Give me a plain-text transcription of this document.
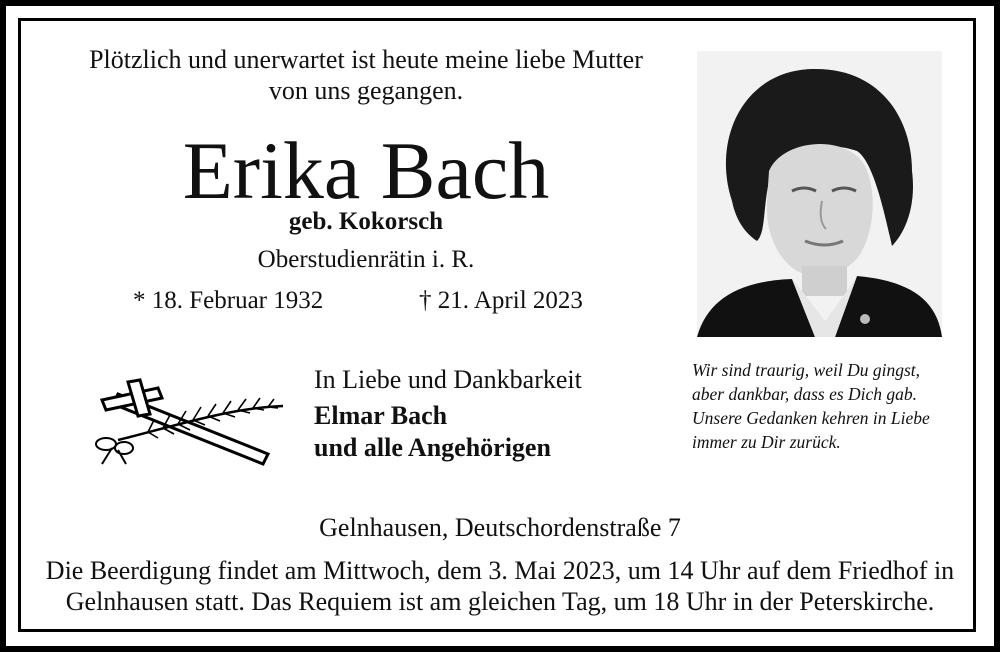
Plötzlich und unerwartet ist heute meine liebe Mutter
von uns gegangen.
Erika Bach
geb. Kokorsch
Oberstudienrätin i. R.
* 18. Februar 1932	† 21. April 2023
Wir sind traurig, weil Du gingst,
aber dankbar, dass es Dich gab.
Unsere Gedanken kehren in Liebe
immer zu Dir zurück.
In Liebe und Dankbarkeit
Elmar Bach
und alle Angehörigen
Gelnhausen, Deutschordenstraße 7
Die Beerdigung findet am Mittwoch, dem 3. Mai 2023, um 14 Uhr auf dem Friedhof in
Gelnhausen statt. Das Requiem ist am gleichen Tag, um 18 Uhr in der Peterskirche.
